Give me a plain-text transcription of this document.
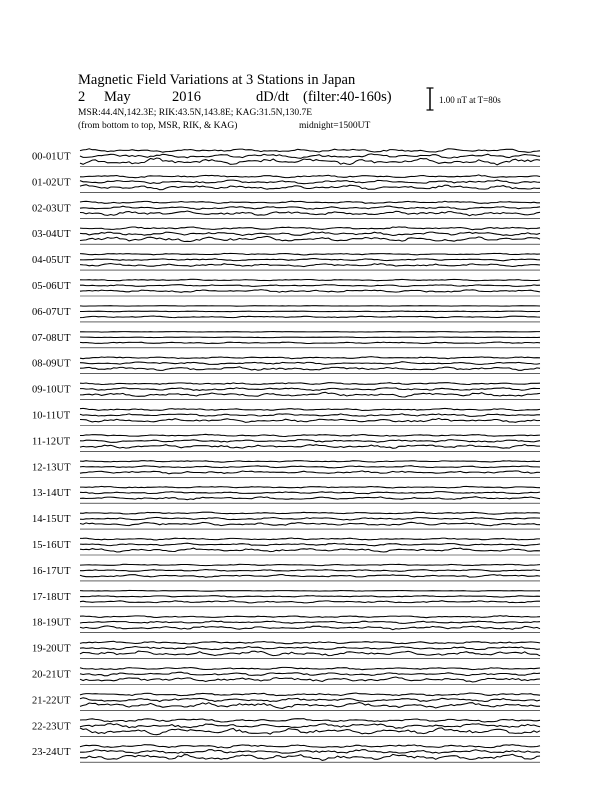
Magnetic Field Variations at 3 Stations in Japan
2 May	2016	dD/dt (filter:40-160s)
MSR:44.4N,142.3E; RIK:43.5N,143.8E; KAG:31.5N,130.7E
(from bottom to top, MSR, RIK, & KAG)	midnight=1500UT
1.00 nT at T=80s
00-01UT
01-02UT
02-03UT
03-04UT
04-05UT
05-06UT
06-07UT
07-08UT
08-09UT
09-10UT
10-11UT
11-12UT
12-13UT
13-14UT
14-15UT
15-16UT
16-17UT
17-18UT
18-19UT
19-20UT
20-21UT
21-22UT
22-23UT
23-24UT
